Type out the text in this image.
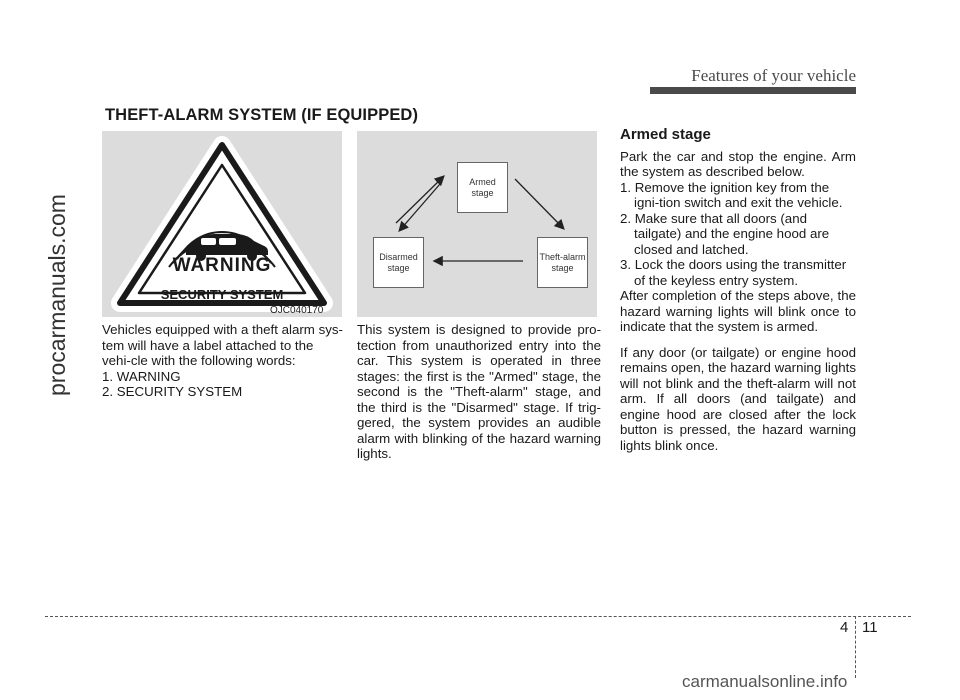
Features of your vehicle
THEFT-ALARM SYSTEM (IF EQUIPPED)
procarmanuals.com	WARNING
SECURITY SYSTEM
OJC040170
Armed
stage
Disarmed
stage
Theft-alarm
stage

Vehicles equipped with a theft alarm sys-tem will have a label attached to the vehi-cle with the following words:

1. WARNING

2. SECURITY SYSTEM

This system is designed to provide pro-tection from unauthorized entry into the car. This system is operated in three stages: the first is the "Armed" stage, the second is the "Theft-alarm" stage, and the third is the "Disarmed" stage. If trig-gered, the system provides an audible alarm with blinking of the hazard warning lights.

Armed stage

Park the car and stop the engine. Arm the system as described below.

1. Remove the ignition key from the igni-tion switch and exit the vehicle.

2. Make sure that all doors (and tailgate) and the engine hood are closed and latched.

3. Lock the doors using the transmitter of the keyless entry system.

After completion of the steps above, the hazard warning lights will blink once to indicate that the system is armed.

If any door (or tailgate) or engine hood remains open, the hazard warning lights will not blink and the theft-alarm will not arm. If all doors (and tailgate) and engine hood are closed after the lock button is pressed, the hazard warning lights blink once.

4 11
carmanualsonline.info
